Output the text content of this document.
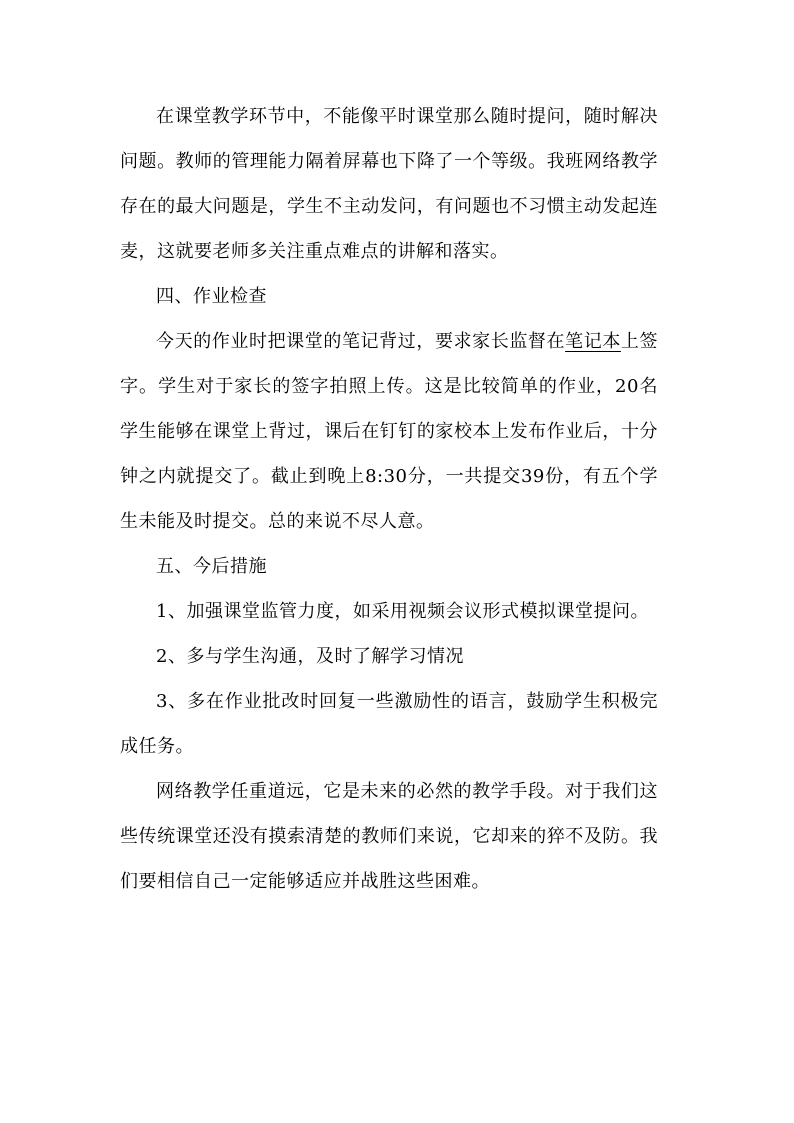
在课堂教学环节中，不能像平时课堂那么随时提问，随时解决问题。教师的管理能力隔着屏幕也下降了一个等级。我班网络教学存在的最大问题是，学生不主动发问，有问题也不习惯主动发起连麦，这就要老师多关注重点难点的讲解和落实。

四、作业检查

今天的作业时把课堂的笔记背过，要求家长监督在笔记本上签字。学生对于家长的签字拍照上传。这是比较简单的作业，20名学生能够在课堂上背过，课后在钉钉的家校本上发布作业后，十分钟之内就提交了。截止到晚上8:30分，一共提交39份，有五个学生未能及时提交。总的来说不尽人意。

五、今后措施

1、加强课堂监管力度，如采用视频会议形式模拟课堂提问。

2、多与学生沟通，及时了解学习情况

3、多在作业批改时回复一些激励性的语言，鼓励学生积极完成任务。

网络教学任重道远，它是未来的必然的教学手段。对于我们这些传统课堂还没有摸索清楚的教师们来说，它却来的猝不及防。我们要相信自己一定能够适应并战胜这些困难。
